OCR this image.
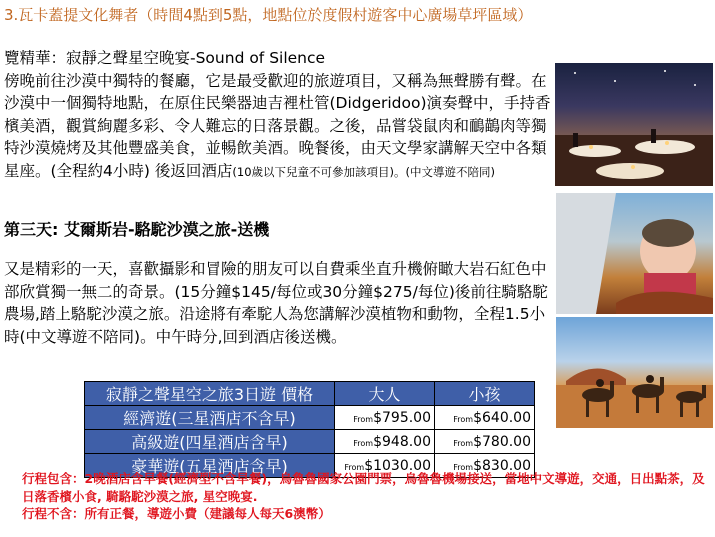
3.瓦卡蓋提文化舞者（時間4點到5點，地點位於度假村遊客中心廣場草坪區域）
覽精華：寂靜之聲星空晚宴-Sound of Silence
傍晚前往沙漠中獨特的餐廳，它是最受歡迎的旅遊項目，又稱為無聲勝有聲。在沙漠中一個獨特地點，在原住民樂器迪吉裡杜管(Didgeridoo)演奏聲中，手持香檳美酒，觀賞絢麗多彩、令人難忘的日落景觀。之後，品嘗袋鼠肉和鴯鶓肉等獨特沙漠燒烤及其他豐盛美食，並暢飲美酒。晚餐後，由天文學家講解天空中各類星座。(全程約4小時) 後返回酒店(10歲以下兒童不可參加該項目)。(中文導遊不陪同)
第三天: 艾爾斯岩-駱駝沙漠之旅-送機
又是精彩的一天，喜歡攝影和冒險的朋友可以自費乘坐直升機俯瞰大岩石紅色中部欣賞獨一無二的奇景。(15分鐘$145/每位或30分鐘$275/每位)後前往騎駱駝農場,踏上駱駝沙漠之旅。沿途將有牽駝人為您講解沙漠植物和動物，全程1.5小時(中文導遊不陪同)。中午時分,回到酒店後送機。
寂靜之聲星空之旅3日遊 價格	大人	小孩
經濟遊(三星酒店不含早)	From$795.00	From$640.00
高級遊(四星酒店含早)	From$948.00	From$780.00
豪華遊(五星酒店含早)	From$1030.00	From$830.00
行程包含：2晚酒店含早餐(經濟型不含早餐)，烏魯魯國家公園門票，烏魯魯機場接送，當地中文導遊，交通，日出點茶，及日落香檳小食, 騎駱駝沙漠之旅, 星空晚宴.
行程不含：所有正餐，導遊小費（建議每人每天6澳幣）
